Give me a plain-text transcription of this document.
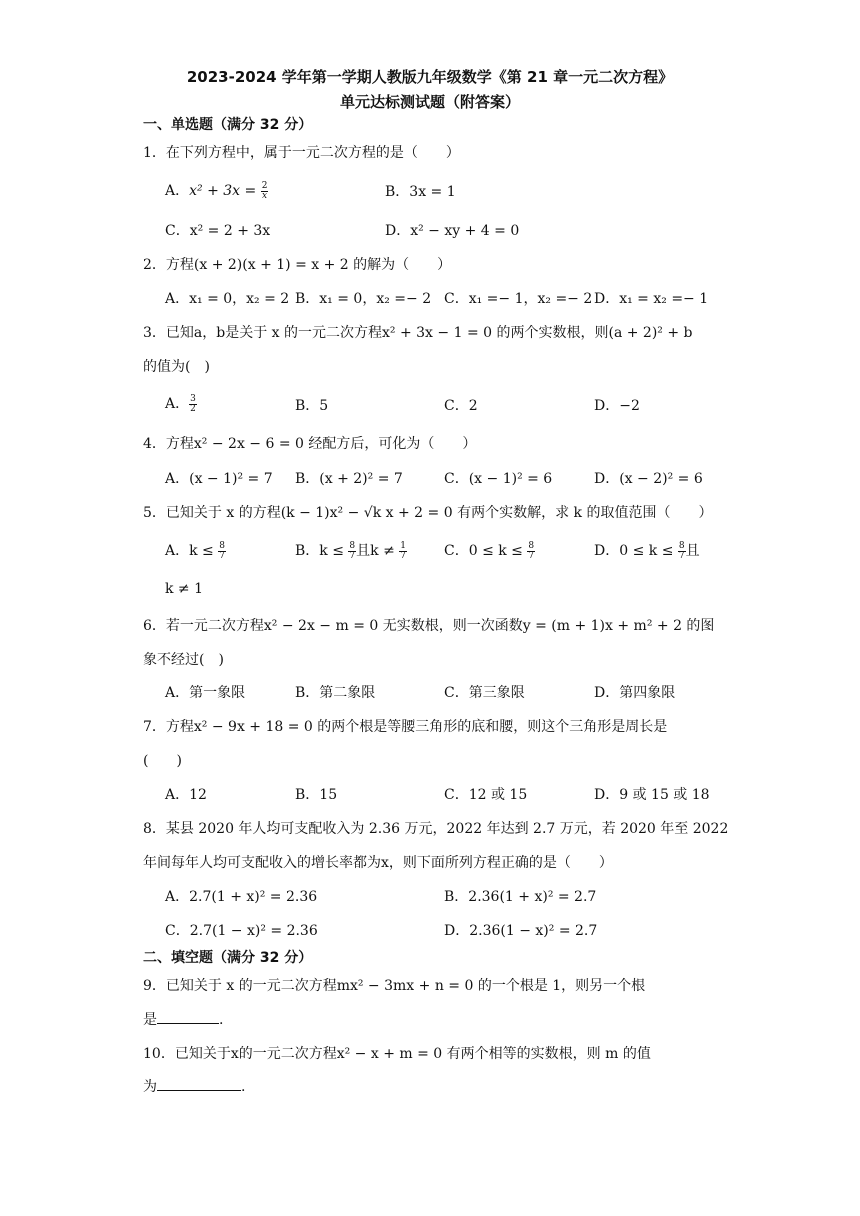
2023-2024 学年第一学期人教版九年级数学《第 21 章一元二次方程》
单元达标测试题（附答案）
一、单选题（满分 32 分）
1．在下列方程中，属于一元二次方程的是（　　）
A．$x^2 + 3x = \frac{2}{x}$	B．3x = 1
C．x² = 2 + 3x	D．x² − xy + 4 = 0
2．方程(x + 2)(x + 1) = x + 2 的解为（　　）
A．x₁ = 0，x₂ = 2 B．x₁ = 0，x₂ =− 2 C．x₁ =− 1，x₂ =− 2 D．x₁ = x₂ =− 1
3．已知a，b是关于 x 的一元二次方程x² + 3x − 1 = 0 的两个实数根，则(a + 2)² + b
的值为(　)
A． $\frac{3}{2}$	B．5	C．2	D．−2
4．方程x² − 2x − 6 = 0 经配方后，可化为（　　）
A．(x − 1)² = 7 B．(x + 2)² = 7	C．(x − 1)² = 6	D．(x − 2)² = 6
5．已知关于 x 的方程(k − 1)x² − √k x + 2 = 0 有两个实数解，求 k 的取值范围（　　）
A．$k \le \frac{8}{7}$	B．$k \le \frac{8}{7}$ 且$k \ne \frac{1}{7}$	C．$0 \le k \le \frac{8}{7}$	D．$0 \le k \le \frac{8}{7}$ 且
k ≠ 1
6．若一元二次方程x² − 2x − m = 0 无实数根，则一次函数y = (m + 1)x + m² + 2 的图
象不经过(　)
A．第一象限	B．第二象限	C．第三象限	D．第四象限
7．方程x² − 9x + 18 = 0 的两个根是等腰三角形的底和腰，则这个三角形是周长是
(　　)
A．12	B．15	C．12 或 15	D．9 或 15 或 18
8．某县 2020 年人均可支配收入为 2.36 万元，2022 年达到 2.7 万元，若 2020 年至 2022
年间每年人均可支配收入的增长率都为x，则下面所列方程正确的是（　　）
A．2.7(1 + x)² = 2.36	B．2.36(1 + x)² = 2.7
C．2.7(1 − x)² = 2.36	D．2.36(1 − x)² = 2.7
二、填空题（满分 32 分）
9．已知关于 x 的一元二次方程mx² − 3mx + n = 0 的一个根是 1，则另一个根
是	.
10．已知关于x的一元二次方程x² − x + m = 0 有两个相等的实数根，则 m 的值
为	.
